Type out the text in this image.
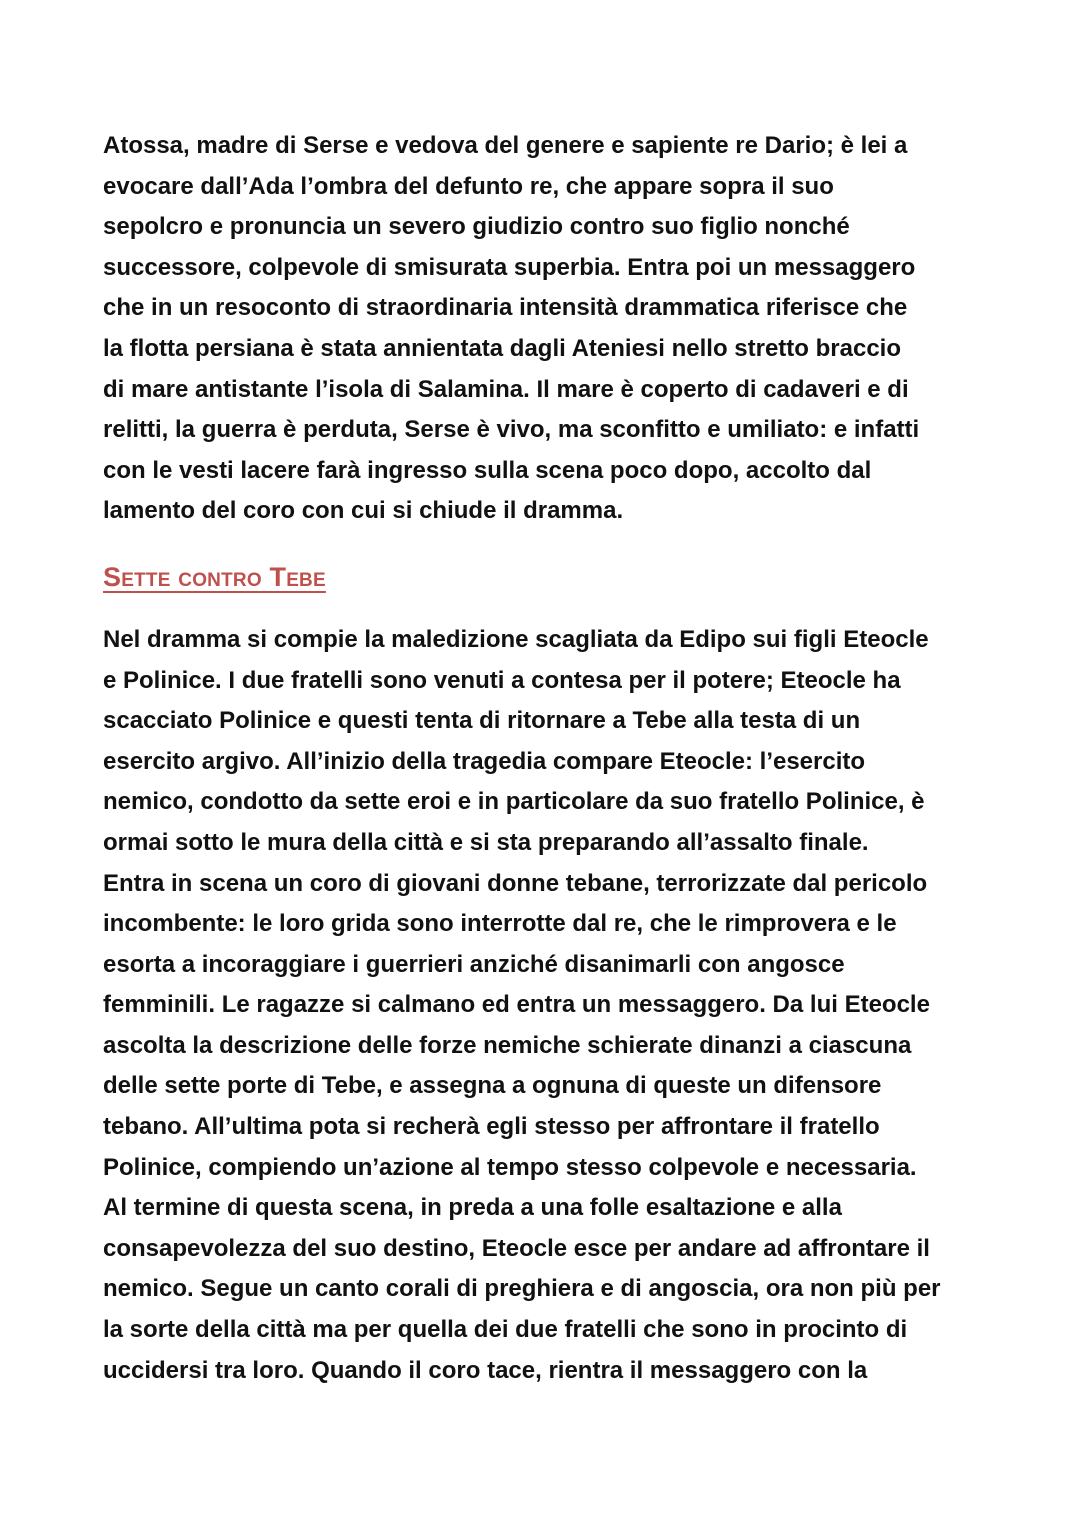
Atossa, madre di Serse e vedova del genere e sapiente re Dario; è lei a
evocare dall’Ada l’ombra del defunto re, che appare sopra il suo
sepolcro e pronuncia un severo giudizio contro suo figlio nonché
successore, colpevole di smisurata superbia. Entra poi un messaggero
che in un resoconto di straordinaria intensità drammatica riferisce che
la flotta persiana è stata annientata dagli Ateniesi nello stretto braccio
di mare antistante l’isola di Salamina. Il mare è coperto di cadaveri e di
relitti, la guerra è perduta, Serse è vivo, ma sconfitto e umiliato: e infatti
con le vesti lacere farà ingresso sulla scena poco dopo, accolto dal
lamento del coro con cui si chiude il dramma.
Sette contro Tebe
Nel dramma si compie la maledizione scagliata da Edipo sui figli Eteocle
e Polinice. I due fratelli sono venuti a contesa per il potere; Eteocle ha
scacciato Polinice e questi tenta di ritornare a Tebe alla testa di un
esercito argivo. All’inizio della tragedia compare Eteocle: l’esercito
nemico, condotto da sette eroi e in particolare da suo fratello Polinice, è
ormai sotto le mura della città e si sta preparando all’assalto finale.
Entra in scena un coro di giovani donne tebane, terrorizzate dal pericolo
incombente: le loro grida sono interrotte dal re, che le rimprovera e le
esorta a incoraggiare i guerrieri anziché disanimarli con angosce
femminili. Le ragazze si calmano ed entra un messaggero. Da lui Eteocle
ascolta la descrizione delle forze nemiche schierate dinanzi a ciascuna
delle sette porte di Tebe, e assegna a ognuna di queste un difensore
tebano. All’ultima pota si recherà egli stesso per affrontare il fratello
Polinice, compiendo un’azione al tempo stesso colpevole e necessaria.
Al termine di questa scena, in preda a una folle esaltazione e alla
consapevolezza del suo destino, Eteocle esce per andare ad affrontare il
nemico. Segue un canto corali di preghiera e di angoscia, ora non più per
la sorte della città ma per quella dei due fratelli che sono in procinto di
uccidersi tra loro. Quando il coro tace, rientra il messaggero con la
